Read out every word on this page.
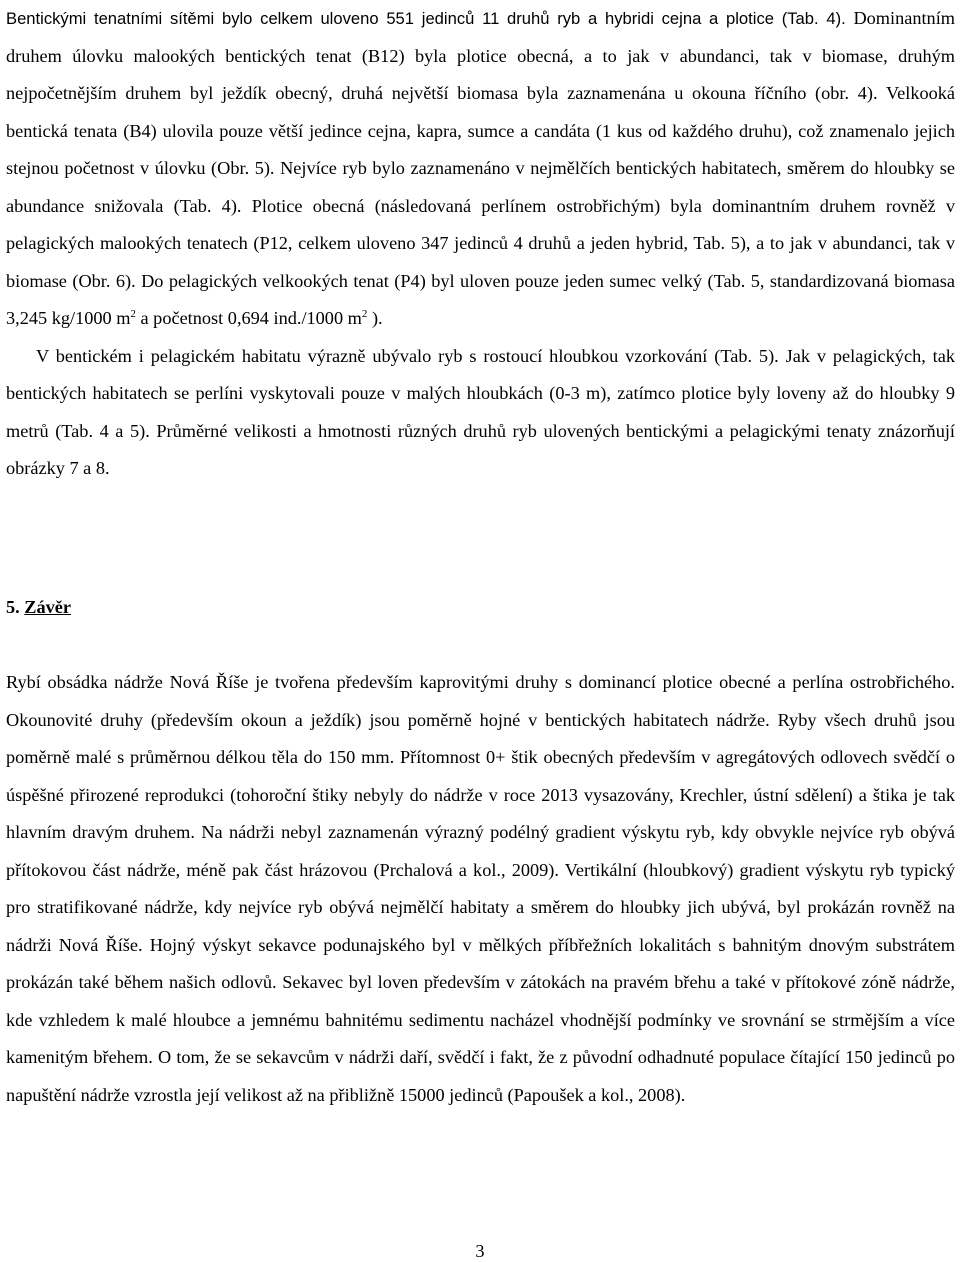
Bentickými tenatními sítěmi bylo celkem uloveno 551 jedinců 11 druhů ryb a hybridi cejna a plotice (Tab. 4). Dominantním druhem úlovku malookých bentických tenat (B12) byla plotice obecná, a to jak v abundanci, tak v biomase, druhým nejpočetnějším druhem byl ježdík obecný, druhá největší biomasa byla zaznamenána u okouna říčního (obr. 4). Velkooká bentická tenata (B4) ulovila pouze větší jedince cejna, kapra, sumce a candáta (1 kus od každého druhu), což znamenalo jejich stejnou početnost v úlovku (Obr. 5). Nejvíce ryb bylo zaznamenáno v nejmělčích bentických habitatech, směrem do hloubky se abundance snižovala (Tab. 4). Plotice obecná (následovaná perlínem ostrobřichým) byla dominantním druhem rovněž v pelagických malookých tenatech (P12, celkem uloveno 347 jedinců 4 druhů a jeden hybrid, Tab. 5), a to jak v abundanci, tak v biomase (Obr. 6). Do pelagických velkookých tenat (P4) byl uloven pouze jeden sumec velký (Tab. 5, standardizovaná biomasa 3,245 kg/1000 $m^2$ a početnost 0,694 ind./1000 $m^2$ ).

V bentickém i pelagickém habitatu výrazně ubývalo ryb s rostoucí hloubkou vzorkování (Tab. 5). Jak v pelagických, tak bentických habitatech se perlíni vyskytovali pouze v malých hloubkách (0-3 m), zatímco plotice byly loveny až do hloubky 9 metrů (Tab. 4 a 5). Průměrné velikosti a hmotnosti různých druhů ryb ulovených bentickými a pelagickými tenaty znázorňují obrázky 7 a 8.

5. Závěr

Rybí obsádka nádrže Nová Říše je tvořena především kaprovitými druhy s dominancí plotice obecné a perlína ostrobřichého. Okounovité druhy (především okoun a ježdík) jsou poměrně hojné v bentických habitatech nádrže. Ryby všech druhů jsou poměrně malé s průměrnou délkou těla do 150 mm. Přítomnost 0+ štik obecných především v agregátových odlovech svědčí o úspěšné přirozené reprodukci (tohoroční štiky nebyly do nádrže v roce 2013 vysazovány, Krechler, ústní sdělení) a štika je tak hlavním dravým druhem. Na nádrži nebyl zaznamenán výrazný podélný gradient výskytu ryb, kdy obvykle nejvíce ryb obývá přítokovou část nádrže, méně pak část hrázovou (Prchalová a kol., 2009). Vertikální (hloubkový) gradient výskytu ryb typický pro stratifikované nádrže, kdy nejvíce ryb obývá nejmělčí habitaty a směrem do hloubky jich ubývá, byl prokázán rovněž na nádrži Nová Říše. Hojný výskyt sekavce podunajského byl v mělkých příbřežních lokalitách s bahnitým dnovým substrátem prokázán také během našich odlovů. Sekavec byl loven především v zátokách na pravém břehu a také v přítokové zóně nádrže, kde vzhledem k malé hloubce a jemnému bahnitému sedimentu nacházel vhodnější podmínky ve srovnání se strmějším a více kamenitým břehem. O tom, že se sekavcům v nádrži daří, svědčí i fakt, že z původní odhadnuté populace čítající 150 jedinců po napuštění nádrže vzrostla její velikost až na přibližně 15000 jedinců (Papoušek a kol., 2008).

3
